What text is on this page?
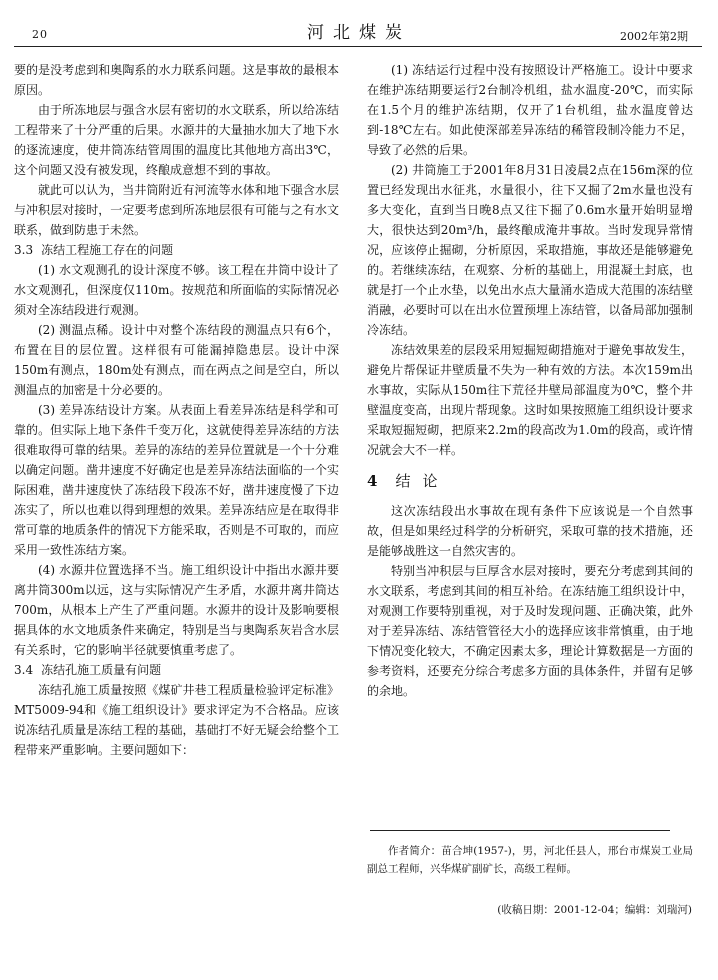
20	河北煤炭	2002年第2期

要的是没考虑到和奥陶系的水力联系问题。这是事故的最根本原因。

由于所冻地层与强含水层有密切的水文联系，所以给冻结工程带来了十分严重的后果。水源井的大量抽水加大了地下水的逐流速度，使井筒冻结管周围的温度比其他地方高出3℃，这个问题又没有被发现，终酿成意想不到的事故。

就此可以认为，当井筒附近有河流等水体和地下强含水层与冲积层对接时，一定要考虑到所冻地层很有可能与之有水文联系，做到防患于未然。

3.3 冻结工程施工存在的问题

(1) 水文观测孔的设计深度不够。该工程在井筒中设计了水文观测孔，但深度仅110m。按规范和所面临的实际情况必须对全冻结段进行观测。

(2) 测温点稀。设计中对整个冻结段的测温点只有6个，布置在目的层位置。这样很有可能漏掉隐患层。设计中深150m有测点，180m处有测点，而在两点之间是空白，所以测温点的加密是十分必要的。

(3) 差异冻结设计方案。从表面上看差异冻结是科学和可靠的。但实际上地下条件千变万化，这就使得差异冻结的方法很难取得可靠的结果。差异的冻结的差异位置就是一个十分难以确定问题。凿井速度不好确定也是差异冻结法面临的一个实际困难，凿井速度快了冻结段下段冻不好，凿井速度慢了下边冻实了，所以也难以得到理想的效果。差异冻结应是在取得非常可靠的地质条件的情况下方能采取，否则是不可取的，而应采用一致性冻结方案。

(4) 水源井位置选择不当。施工组织设计中指出水源井要离井筒300m以远，这与实际情况产生矛盾，水源井离井筒达700m，从根本上产生了严重问题。水源井的设计及影响要根据具体的水文地质条件来确定，特别是当与奥陶系灰岩含水层有关系时，它的影响半径就要慎重考虑了。

3.4 冻结孔施工质量有问题

冻结孔施工质量按照《煤矿井巷工程质量检验评定标准》MT5009-94和《施工组织设计》要求评定为不合格品。应该说冻结孔质量是冻结工程的基础，基础打不好无疑会给整个工程带来严重影响。主要问题如下：

(1) 冻结运行过程中没有按照设计严格施工。设计中要求在维护冻结期要运行2台制冷机组，盐水温度-20℃，而实际在1.5个月的维护冻结期，仅开了1台机组，盐水温度曾达到-18℃左右。如此使深部差异冻结的稀管段制冷能力不足，导致了必然的后果。

(2) 井筒施工于2001年8月31日凌晨2点在156m深的位置已经发现出水征兆，水量很小，往下又掘了2m水量也没有多大变化，直到当日晚8点又往下掘了0.6m水量开始明显增大，很快达到20m³/h，最终酿成淹井事故。当时发现异常情况，应该停止掘砌，分析原因，采取措施，事故还是能够避免的。若继续冻结，在观察、分析的基础上，用混凝土封底，也就是打一个止水垫，以免出水点大量涌水造成大范围的冻结壁消融，必要时可以在出水位置预埋上冻结管，以备局部加强制冷冻结。

冻结效果差的层段采用短掘短砌措施对于避免事故发生，避免片帮保证井壁质量不失为一种有效的方法。本次159m出水事故，实际从150m往下荒径井壁局部温度为0℃，整个井壁温度变高，出现片帮现象。这时如果按照施工组织设计要求采取短掘短砌，把原来2.2m的段高改为1.0m的段高，或许情况就会大不一样。

4 结论

这次冻结段出水事故在现有条件下应该说是一个自然事故，但是如果经过科学的分析研究，采取可靠的技术措施，还是能够战胜这一自然灾害的。

特别当冲积层与巨厚含水层对接时，要充分考虑到其间的水文联系，考虑到其间的相互补给。在冻结施工组织设计中，对观测工作要特别重视，对于及时发现问题、正确决策，此外对于差异冻结、冻结管管径大小的选择应该非常慎重，由于地下情况变化较大，不确定因素太多，理论计算数据是一方面的参考资料，还要充分综合考虑多方面的具体条件，并留有足够的余地。

作者简介：苗合坤(1957-)，男，河北任县人，邢台市煤炭工业局副总工程师，兴华煤矿副矿长，高级工程师。
(收稿日期：2001-12-04；编辑：刘瑞河)
